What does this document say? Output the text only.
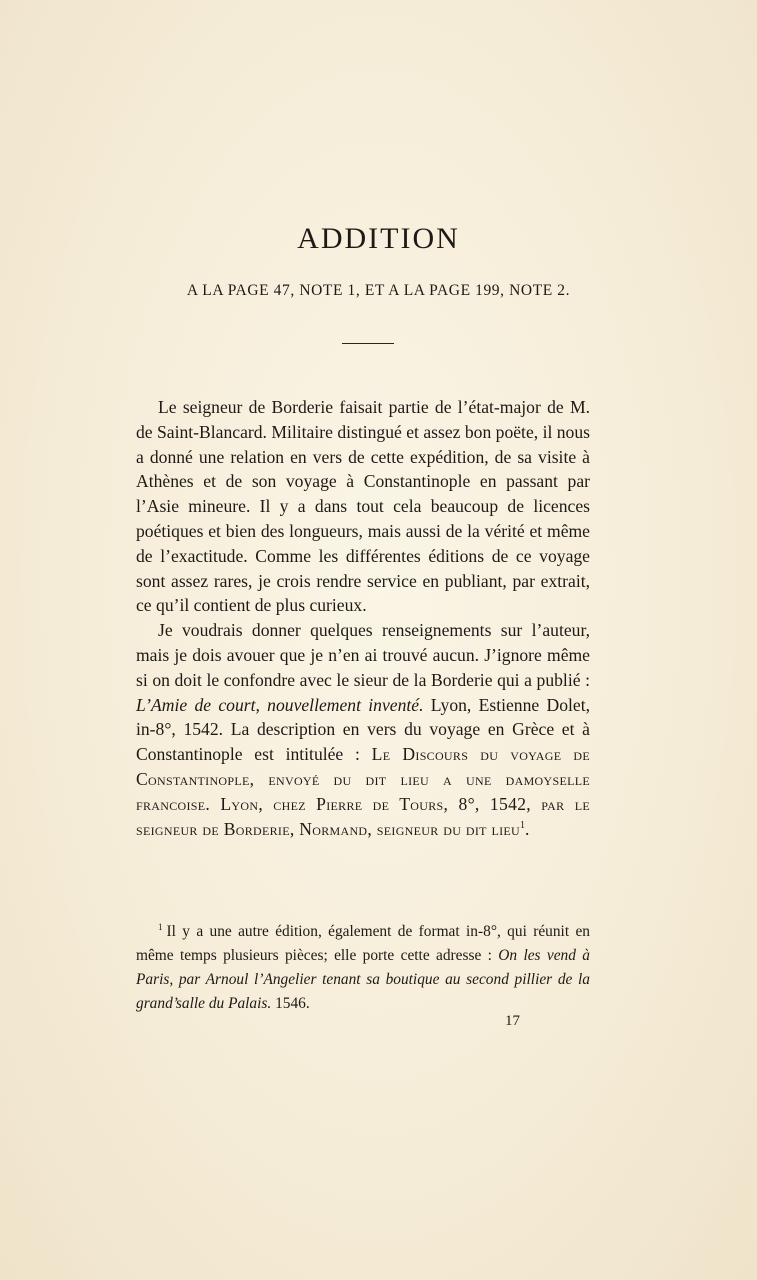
ADDITION
A LA PAGE 47, NOTE 1, ET A LA PAGE 199, NOTE 2.

Le seigneur de Borderie faisait partie de l’état-major de M. de Saint-Blancard. Militaire distingué et assez bon poëte, il nous a donné une relation en vers de cette expédition, de sa visite à Athènes et de son voyage à Constantinople en passant par l’Asie mineure. Il y a dans tout cela beaucoup de licences poétiques et bien des longueurs, mais aussi de la vérité et même de l’exactitude. Comme les différentes éditions de ce voyage sont assez rares, je crois rendre service en publiant, par extrait, ce qu’il contient de plus curieux.

Je voudrais donner quelques renseignements sur l’auteur, mais je dois avouer que je n’en ai trouvé aucun. J’ignore même si on doit le confondre avec le sieur de la Borderie qui a publié : L’Amie de court, nouvellement inventé. Lyon, Estienne Dolet, in-8°, 1542. La description en vers du voyage en Grèce et à Constantinople est intitulée : Le Discours du voyage de Constantinople, envoyé du dit lieu a une damoyselle francoise. Lyon, chez Pierre de Tours, 8°, 1542, par le seigneur de Borderie, Normand, seigneur du dit lieu$^1$.

$^1$ Il y a une autre édition, également de format in-8°, qui réunit en même temps plusieurs pièces; elle porte cette adresse : On les vend à Paris, par Arnoul l’Angelier tenant sa boutique au second pillier de la grand’salle du Palais. 1546.

17
